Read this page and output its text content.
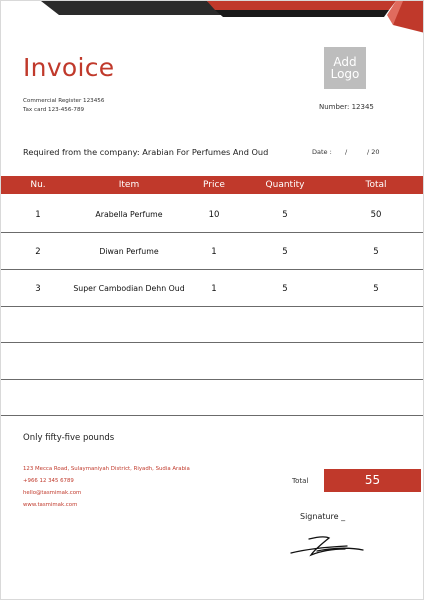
Invoice
Commercial Register 123456
Tax card 123-456-789
Add
Logo
Number: 12345
Required from the company: Arabian For Perfumes And Oud	Date : /	/ 20
Nu.	Item	Price	Quantity	Total
1	Arabella Perfume	10	5	50
2	Diwan Perfume	1	5	5
3	Super Cambodian Dehn Oud	1	5	5
Only fifty-five pounds
123 Mecca Road, Sulaymaniyah District, Riyadh, Sudia Arabia
+966 12 345 6789
hello@tasmimak.com
www.tasmimak.com
Total	55
Signature _
